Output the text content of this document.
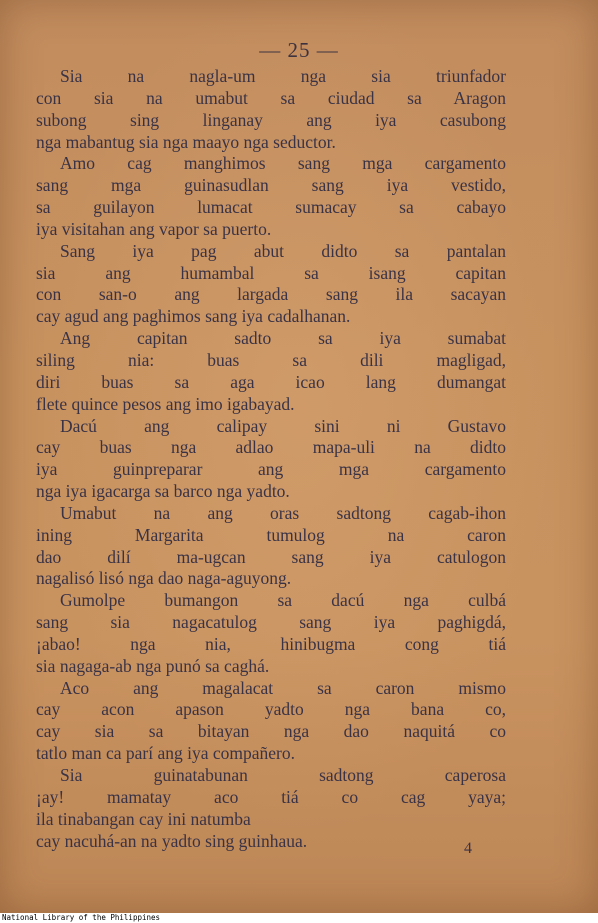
— 25 —
Sia na nagla-um nga sia triunfador
con sia na umabut sa ciudad sa Aragon
subong sing linganay ang iya casubong
nga mabantug sia nga maayo nga seductor.
Amo cag manghimos sang mga cargamento
sang mga guinasudlan sang iya vestido,
sa guilayon lumacat sumacay sa cabayo
iya visitahan ang vapor sa puerto.
Sang iya pag abut didto sa pantalan
sia ang humambal sa isang capitan
con san-o ang largada sang ila sacayan
cay agud ang paghimos sang iya cadalhanan.
Ang capitan sadto sa iya sumabat
siling nia: buas sa dili magligad,
diri buas sa aga icao lang dumangat
flete quince pesos ang imo igabayad.
Dacú ang calipay sini ni Gustavo
cay buas nga adlao mapa-uli na didto
iya guinpreparar ang mga cargamento
nga iya igacarga sa barco nga yadto.
Umabut na ang oras sadtong cagab-ihon
ining Margarita tumulog na caron
dao dilí ma-ugcan sang iya catulogon
nagalisó lisó nga dao naga-aguyong.
Gumolpe bumangon sa dacú nga culbá
sang sia nagacatulog sang iya paghigdá,
¡abao! nga nia, hinibugma cong tiá
sia nagaga-ab nga punó sa caghá.
Aco ang magalacat sa caron mismo
cay acon apason yadto nga bana co,
cay sia sa bitayan nga dao naquitá co
tatlo man ca parí ang iya compañero.
Sia guinatabunan sadtong caperosa
¡ay! mamatay aco tiá co cag yaya;
ila tinabangan cay ini natumba
cay nacuhá-an na yadto sing guinhaua.	4
National Library of the Philippines
